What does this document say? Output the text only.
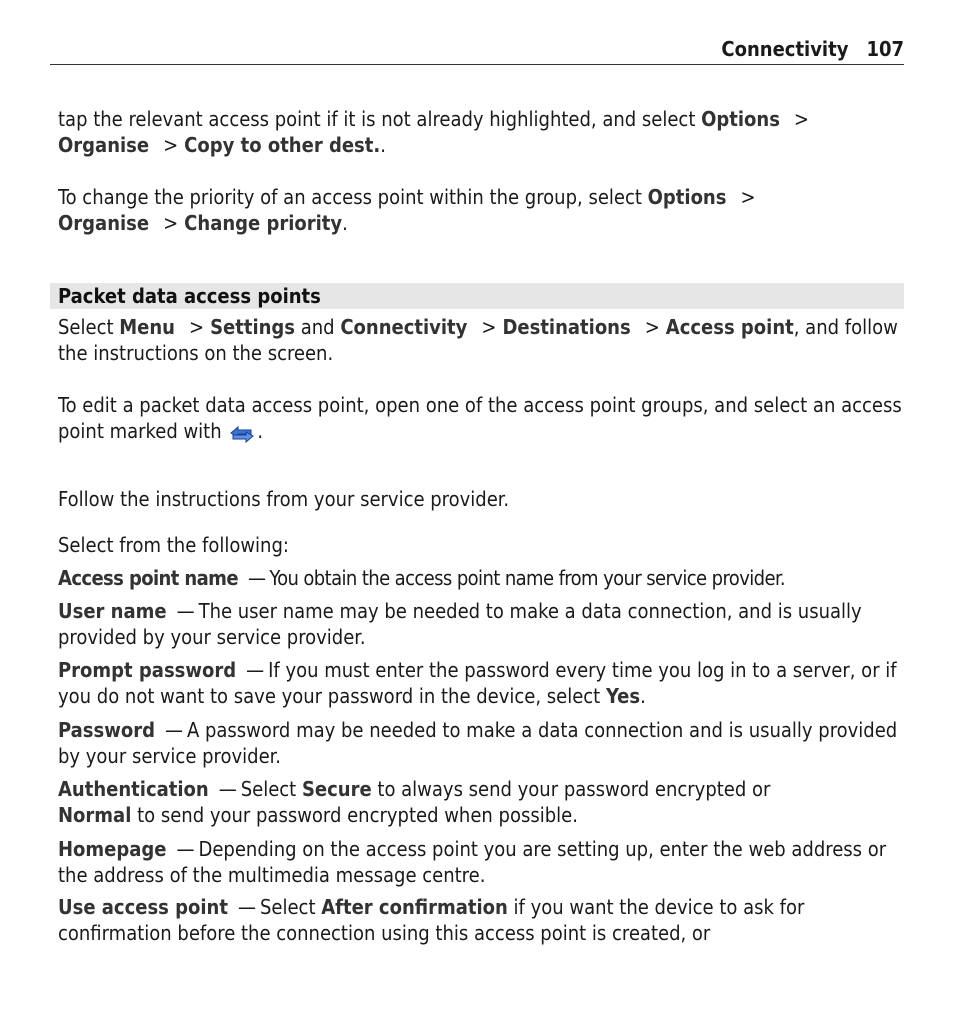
Connectivity 107

tap the relevant access point if it is not already highlighted, and select Options >
Organise > Copy to other dest..

To change the priority of an access point within the group, select Options >
Organise > Change priority.

Packet data access points

Select Menu > Settings and Connectivity > Destinations > Access point, and follow the instructions on the screen.

To edit a packet data access point, open one of the access point groups, and select an access point marked with .

Follow the instructions from your service provider.

Select from the following:

Access point name — You obtain the access point name from your service provider.

User name — The user name may be needed to make a data connection, and is usually provided by your service provider.

Prompt password — If you must enter the password every time you log in to a server, or if you do not want to save your password in the device, select Yes.

Password — A password may be needed to make a data connection and is usually provided by your service provider.

Authentication — Select Secure to always send your password encrypted or
Normal to send your password encrypted when possible.

Homepage — Depending on the access point you are setting up, enter the web address or the address of the multimedia message centre.

Use access point — Select After confirmation if you want the device to ask for confirmation before the connection using this access point is created, or
